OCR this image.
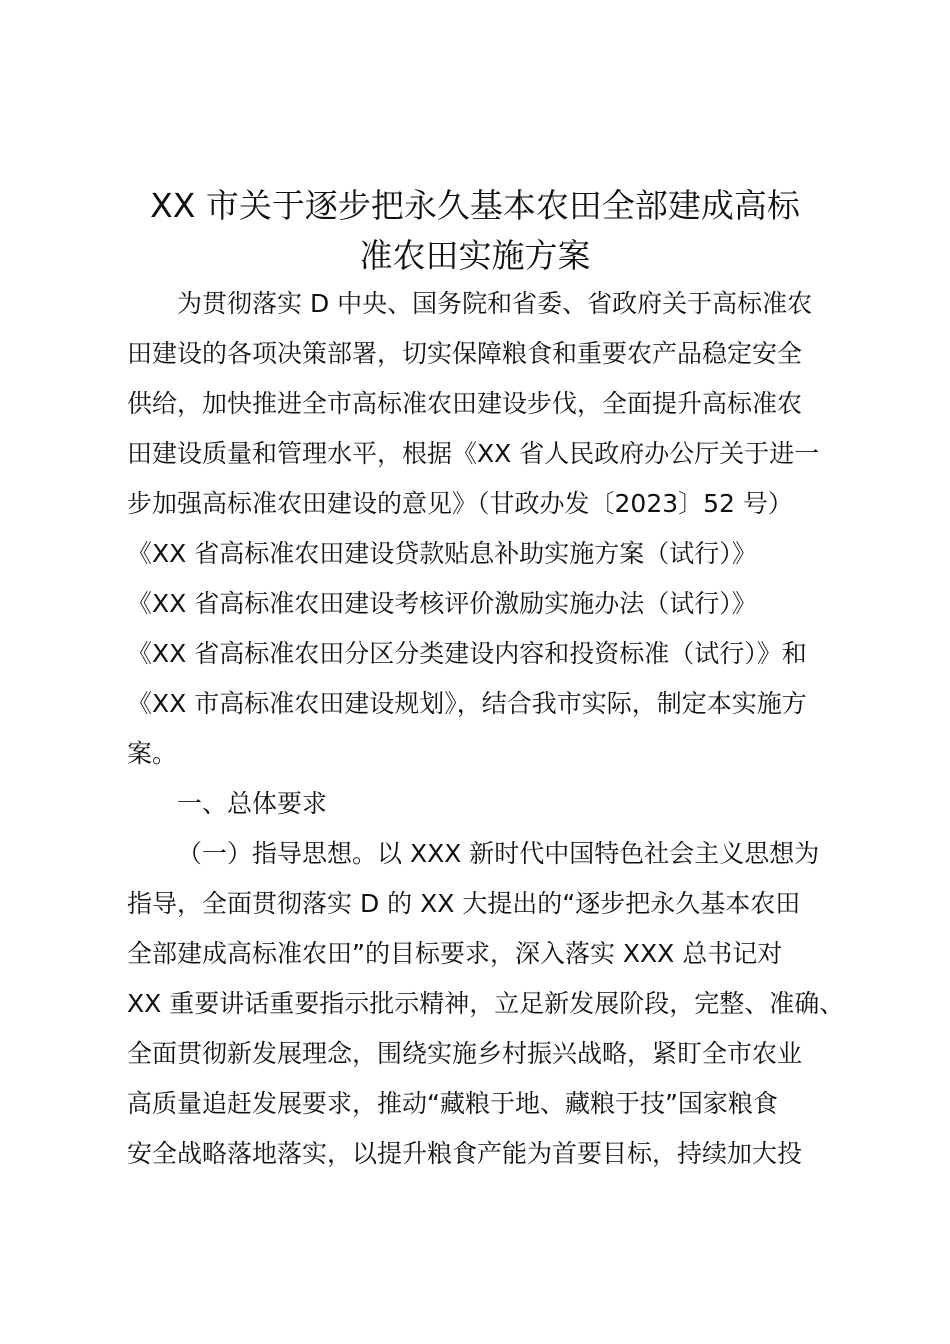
XX 市关于逐步把永久基本农田全部建成高标
准农田实施方案
为贯彻落实 D 中央、国务院和省委、省政府关于高标准农
田建设的各项决策部署，切实保障粮食和重要农产品稳定安全
供给，加快推进全市高标准农田建设步伐，全面提升高标准农
田建设质量和管理水平，根据《XX 省人民政府办公厅关于进一
步加强高标准农田建设的意见》（甘政办发〔2023〕52 号）
《XX 省高标准农田建设贷款贴息补助实施方案（试行）》
《XX 省高标准农田建设考核评价激励实施办法（试行）》
《XX 省高标准农田分区分类建设内容和投资标准（试行）》和
《XX 市高标准农田建设规划》，结合我市实际，制定本实施方
案。
一、总体要求
（一）指导思想。以 XXX 新时代中国特色社会主义思想为
指导，全面贯彻落实 D 的 XX 大提出的“逐步把永久基本农田
全部建成高标准农田”的目标要求，深入落实 XXX 总书记对
XX 重要讲话重要指示批示精神，立足新发展阶段，完整、准确、
全面贯彻新发展理念，围绕实施乡村振兴战略，紧盯全市农业
高质量追赶发展要求，推动“藏粮于地、藏粮于技”国家粮食
安全战略落地落实，以提升粮食产能为首要目标，持续加大投
